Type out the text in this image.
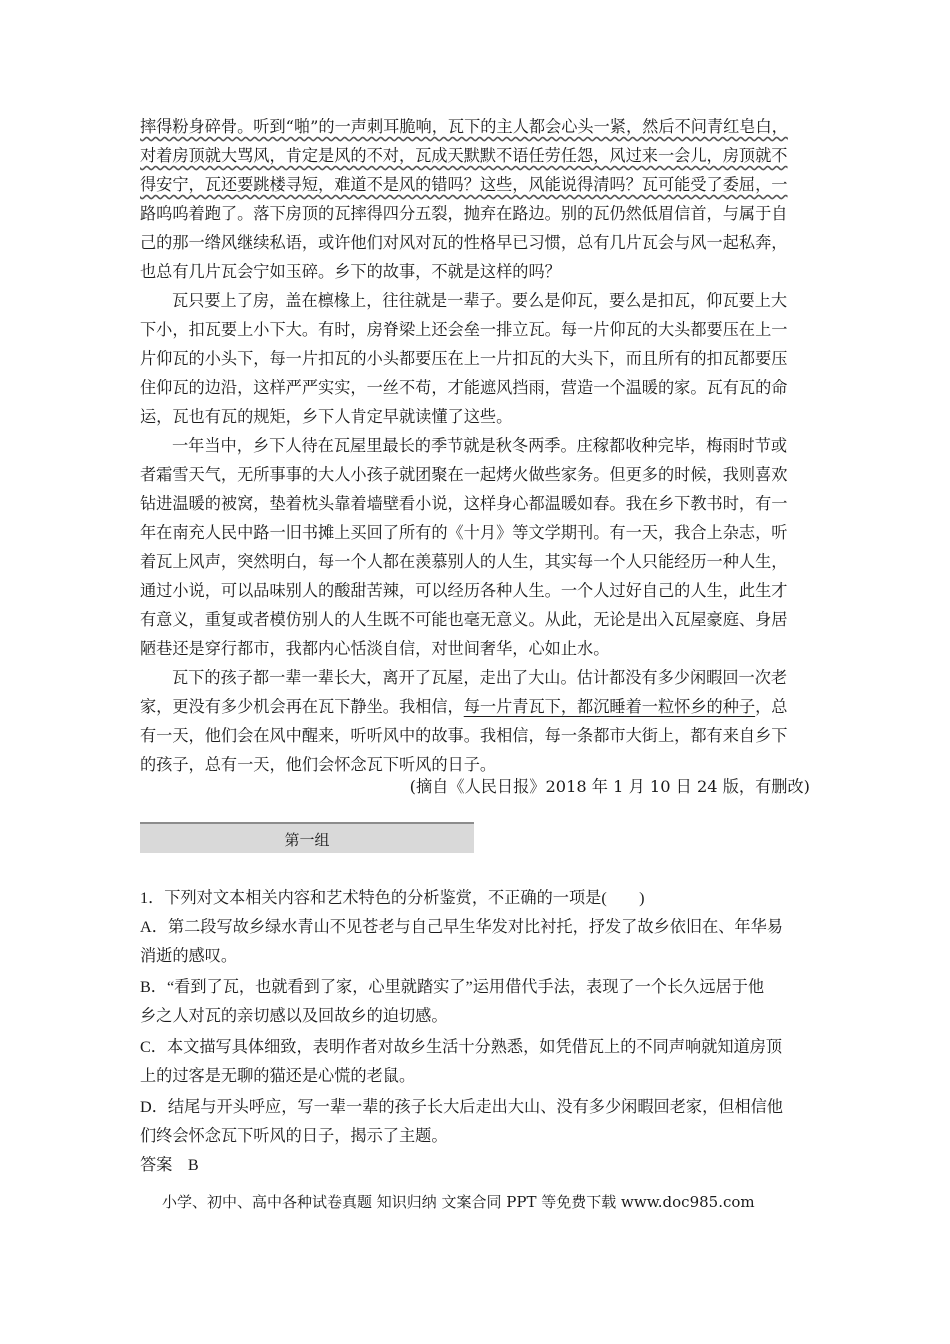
摔得粉身碎骨。听到“啪”的一声刺耳脆响，瓦下的主人都会心头一紧，然后不问青红皂白，
对着房顶就大骂风，肯定是风的不对，瓦成天默默不语任劳任怨，风过来一会儿，房顶就不
得安宁，瓦还要跳楼寻短，难道不是风的错吗？这些，风能说得清吗？瓦可能受了委屈，一
路呜呜着跑了。落下房顶的瓦摔得四分五裂，抛弃在路边。别的瓦仍然低眉信首，与属于自
己的那一绺风继续私语，或许他们对风对瓦的性格早已习惯，总有几片瓦会与风一起私奔，
也总有几片瓦会宁如玉碎。乡下的故事，不就是这样的吗？
瓦只要上了房，盖在檩椽上，往往就是一辈子。要么是仰瓦，要么是扣瓦，仰瓦要上大
下小，扣瓦要上小下大。有时，房脊梁上还会垒一排立瓦。每一片仰瓦的大头都要压在上一
片仰瓦的小头下，每一片扣瓦的小头都要压在上一片扣瓦的大头下，而且所有的扣瓦都要压
住仰瓦的边沿，这样严严实实，一丝不苟，才能遮风挡雨，营造一个温暖的家。瓦有瓦的命
运，瓦也有瓦的规矩，乡下人肯定早就读懂了这些。
一年当中，乡下人待在瓦屋里最长的季节就是秋冬两季。庄稼都收种完毕，梅雨时节或
者霜雪天气，无所事事的大人小孩子就团聚在一起烤火做些家务。但更多的时候，我则喜欢
钻进温暖的被窝，垫着枕头靠着墙壁看小说，这样身心都温暖如春。我在乡下教书时，有一
年在南充人民中路一旧书摊上买回了所有的《十月》等文学期刊。有一天，我合上杂志，听
着瓦上风声，突然明白，每一个人都在羡慕别人的人生，其实每一个人只能经历一种人生，
通过小说，可以品味别人的酸甜苦辣，可以经历各种人生。一个人过好自己的人生，此生才
有意义，重复或者模仿别人的人生既不可能也毫无意义。从此，无论是出入瓦屋豪庭、身居
陋巷还是穿行都市，我都内心恬淡自信，对世间奢华，心如止水。
瓦下的孩子都一辈一辈长大，离开了瓦屋，走出了大山。估计都没有多少闲暇回一次老
家，更没有多少机会再在瓦下静坐。我相信，每一片青瓦下，都沉睡着一粒怀乡的种子，总
有一天，他们会在风中醒来，听听风中的故事。我相信，每一条都市大街上，都有来自乡下
的孩子，总有一天，他们会怀念瓦下听风的日子。
(摘自《人民日报》2018 年 1 月 10 日 24 版，有删改)
第一组
1．下列对文本相关内容和艺术特色的分析鉴赏，不正确的一项是(　　)
A．第二段写故乡绿水青山不见苍老与自己早生华发对比衬托，抒发了故乡依旧在、年华易
消逝的感叹。
B．“看到了瓦，也就看到了家，心里就踏实了”运用借代手法，表现了一个长久远居于他
乡之人对瓦的亲切感以及回故乡的迫切感。
C．本文描写具体细致，表明作者对故乡生活十分熟悉，如凭借瓦上的不同声响就知道房顶
上的过客是无聊的猫还是心慌的老鼠。
D．结尾与开头呼应，写一辈一辈的孩子长大后走出大山、没有多少闲暇回老家，但相信他
们终会怀念瓦下听风的日子，揭示了主题。
答案 B
小学、初中、高中各种试卷真题 知识归纳 文案合同 PPT 等免费下载 www.doc985.com
